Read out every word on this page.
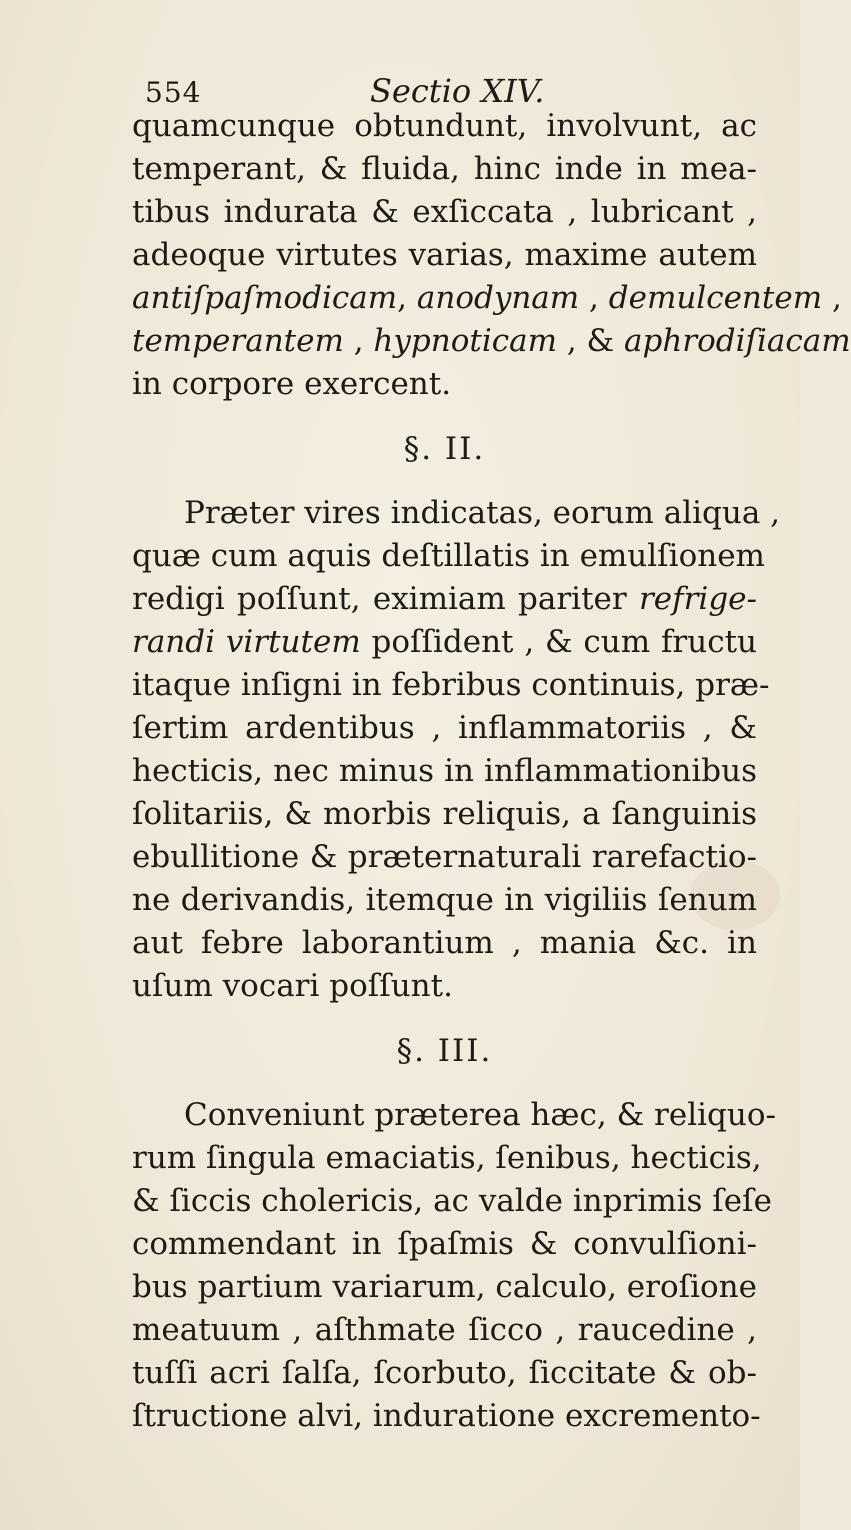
554	Sectio XIV.
quamcunque obtundunt, involvunt, ac
temperant, & fluida, hinc inde in mea-
tibus indurata & exſiccata , lubricant ,
adeoque virtutes varias, maxime autem
antiſpaſmodicam, anodynam , demulcentem ,
temperantem , hypnoticam , & aphrodiſiacam
in corpore exercent.
§. II.
Præter vires indicatas, eorum aliqua ,
quæ cum aquis deſtillatis in emulſionem
redigi poſſunt, eximiam pariter refrige-
randi virtutem poſſident , & cum fructu
itaque inſigni in febribus continuis, præ-
ſertim ardentibus , inflammatoriis , &
hecticis, nec minus in inflammationibus
ſolitariis, & morbis reliquis, a ſanguinis
ebullitione & præternaturali rarefactio-
ne derivandis, itemque in vigiliis ſenum
aut febre laborantium , mania &c. in
uſum vocari poſſunt.
§. III.
Conveniunt præterea hæc, & reliquo-
rum ſingula emaciatis, ſenibus, hecticis,
& ſiccis cholericis, ac valde inprimis ſeſe
commendant in ſpaſmis & convulſioni-
bus partium variarum, calculo, eroſione
meatuum , aſthmate ſicco , raucedine ,
tuſſi acri ſalſa, ſcorbuto, ſiccitate & ob-
ſtructione alvi, induratione excremento-
